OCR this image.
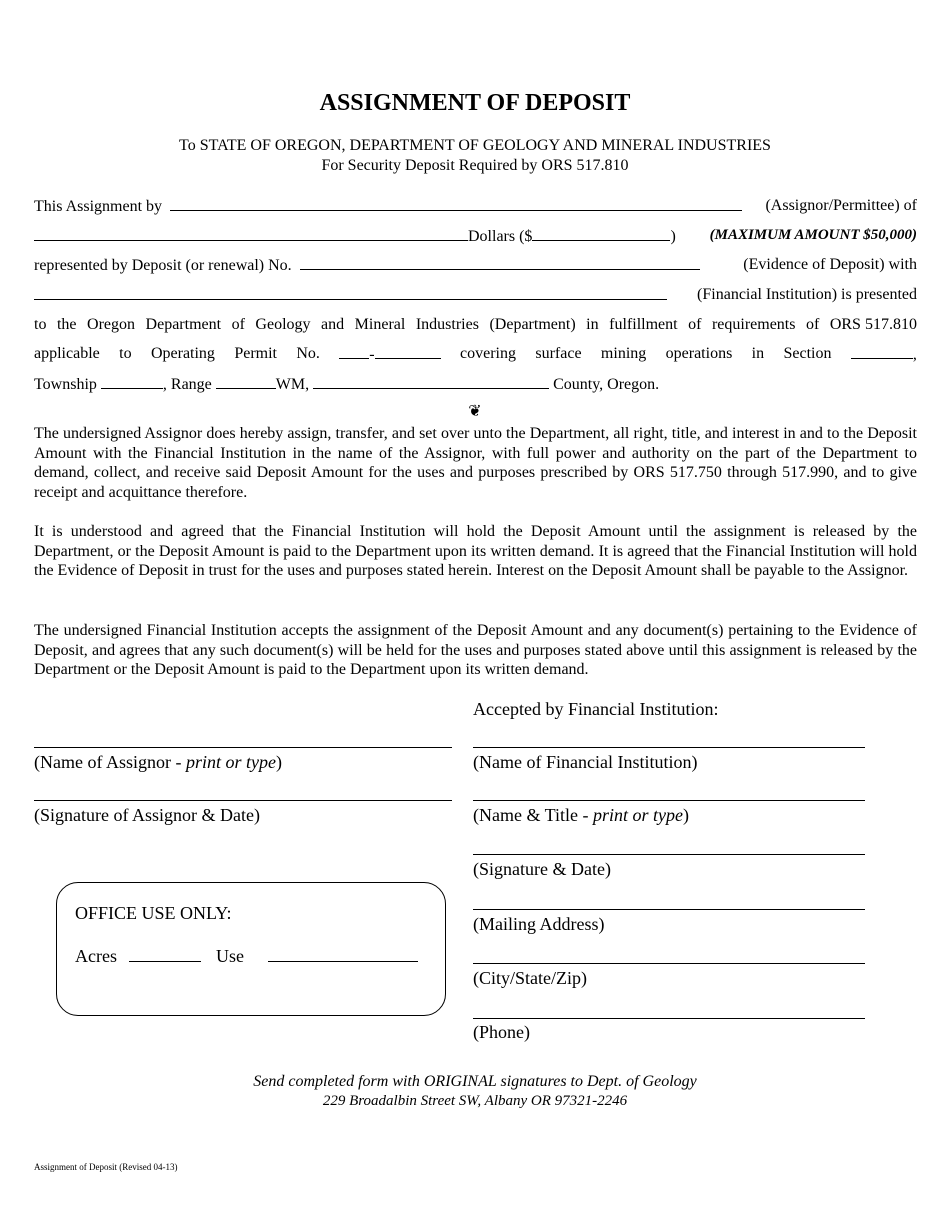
ASSIGNMENT OF DEPOSIT
To STATE OF OREGON, DEPARTMENT OF GEOLOGY AND MINERAL INDUSTRIES
For Security Deposit Required by ORS 517.810
This Assignment by	(Assignor/Permittee) of
Dollars ($	) (MAXIMUM AMOUNT $50,000)
represented by Deposit (or renewal) No.	(Evidence of Deposit) with
(Financial Institution) is presented
to the Oregon Department of Geology and Mineral Industries (Department) in fulfillment of requirements of ORS 517.810
applicable to Operating Permit No.	-	covering surface mining operations in Section	,
Township	, Range	WM,	County, Oregon.
❦
The undersigned Assignor does hereby assign, transfer, and set over unto the Department, all right, title, and interest in and to the Deposit Amount with the Financial Institution in the name of the Assignor, with full power and authority on the part of the Department to demand, collect, and receive said Deposit Amount for the uses and purposes prescribed by ORS 517.750 through 517.990, and to give receipt and acquittance therefore.
It is understood and agreed that the Financial Institution will hold the Deposit Amount until the assignment is released by the Department, or the Deposit Amount is paid to the Department upon its written demand. It is agreed that the Financial Institution will hold the Evidence of Deposit in trust for the uses and purposes stated herein. Interest on the Deposit Amount shall be payable to the Assignor.
The undersigned Financial Institution accepts the assignment of the Deposit Amount and any document(s) pertaining to the Evidence of Deposit, and agrees that any such document(s) will be held for the uses and purposes stated above until this assignment is released by the Department or the Deposit Amount is paid to the Department upon its written demand.
Accepted by Financial Institution:
(Name of Assignor - print or type)
(Signature of Assignor & Date)
(Name of Financial Institution)
(Name & Title - print or type)
(Signature & Date)
(Mailing Address)
(City/State/Zip)
(Phone)
OFFICE USE ONLY:
Acres	Use
Send completed form with ORIGINAL signatures to Dept. of Geology
229 Broadalbin Street SW, Albany OR 97321-2246
Assignment of Deposit (Revised 04-13)
